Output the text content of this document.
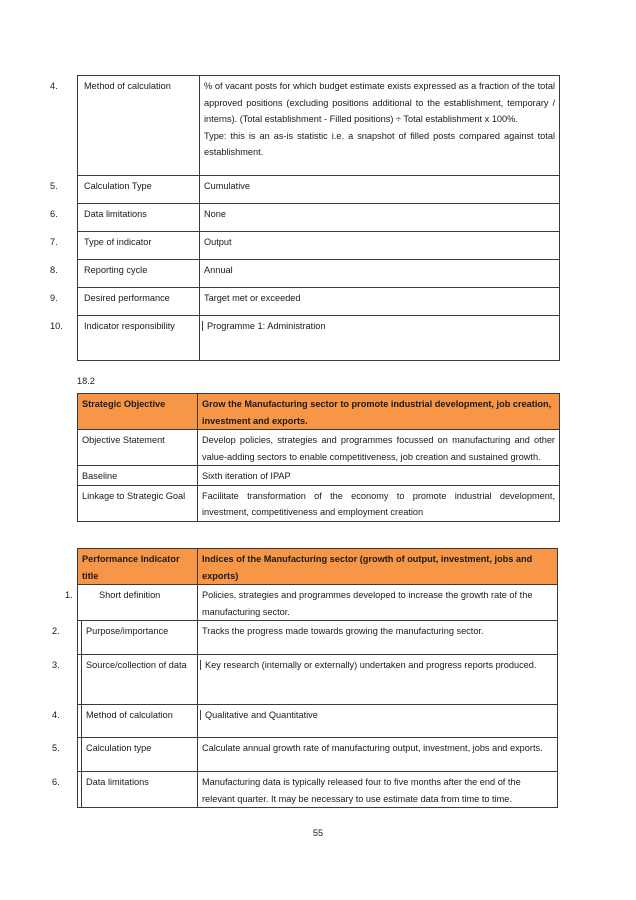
4. Method of calculation	% of vacant posts for which budget estimate exists expressed as a fraction of the total approved positions (excluding positions additional to the establishment, temporary / interns). (Total establishment - Filled positions) ÷ Total establishment x 100%.
Type: this is an as-is statistic i.e. a snapshot of filled posts compared against total establishment.

5. Calculation Type	Cumulative
6. Data limitations	None
7. Type of indicator	Output
8. Reporting cycle	Annual
9. Desired performance	Target met or exceeded
10. Indicator responsibility	Programme 1: Administration
18.2
Strategic Objective	Grow the Manufacturing sector to promote industrial development, job creation, investment and exports.
Objective Statement	Develop policies, strategies and programmes focussed on manufacturing and other value-adding sectors to enable competitiveness, job creation and sustained growth.
Baseline	Sixth iteration of IPAP
Linkage to Strategic Goal	Facilitate transformation of the economy to promote industrial development, investment, competitiveness and employment creation
Performance Indicator title	Indices of the Manufacturing sector (growth of output, investment, jobs and exports)
1. Short definition	Policies, strategies and programmes developed to increase the growth rate of the manufacturing sector.
2. Purpose/importance	Tracks the progress made towards growing the manufacturing sector.
3. Source/collection of data	Key research (internally or externally) undertaken and progress reports produced.
4. Method of calculation	Qualitative and Quantitative
5. Calculation type	Calculate annual growth rate of manufacturing output, investment, jobs and exports.
6. Data limitations	Manufacturing data is typically released four to five months after the end of the relevant quarter. It may be necessary to use estimate data from time to time.
55
